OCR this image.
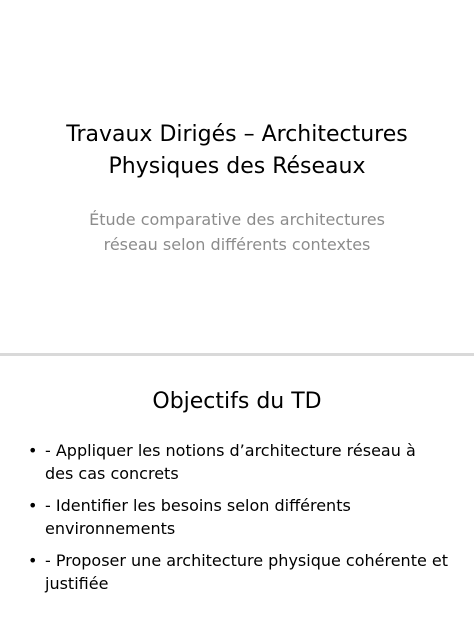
Travaux Dirigés – Architectures
Physiques des Réseaux
Étude comparative des architectures
réseau selon différents contextes
Objectifs du TD
• - Appliquer les notions d’architecture réseau à des cas concrets
• - Identifier les besoins selon différents environnements
• - Proposer une architecture physique cohérente et justifiée
